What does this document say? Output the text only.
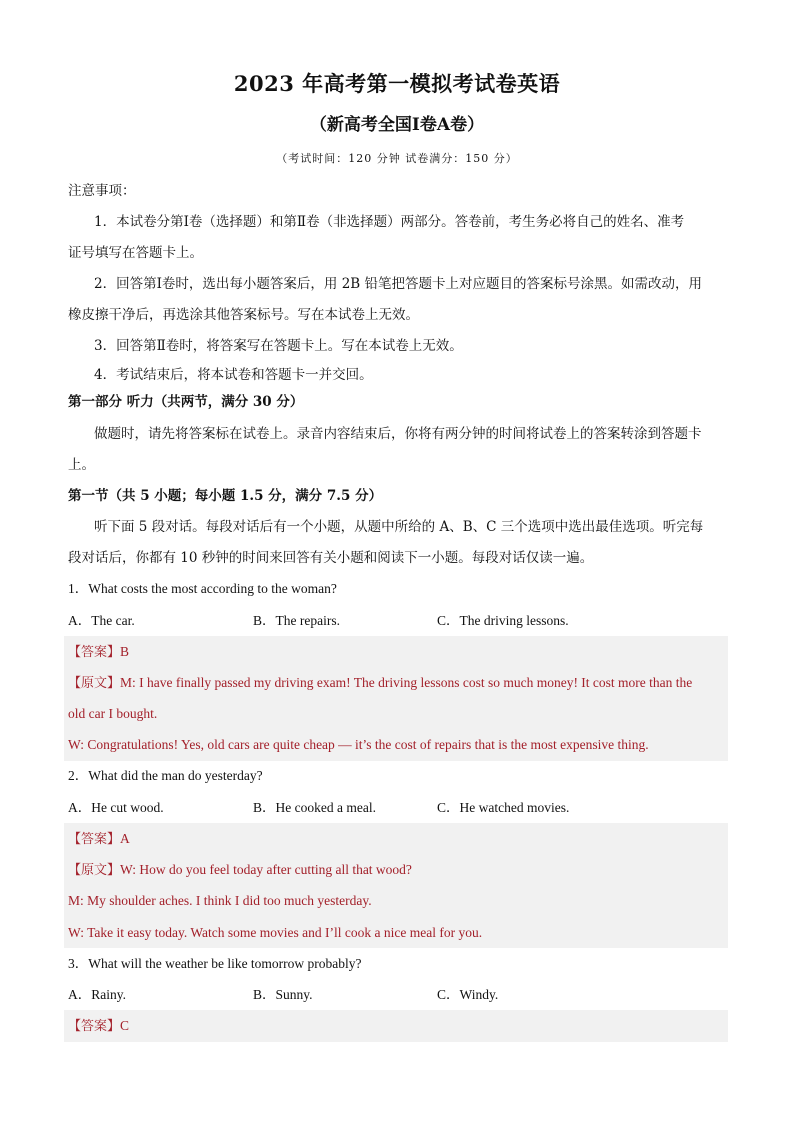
2023 年高考第一模拟考试卷英语
（新高考全国Ⅰ卷A卷）
（考试时间：120 分钟 试卷满分：150 分）
注意事项：
1．本试卷分第Ⅰ卷（选择题）和第Ⅱ卷（非选择题）两部分。答卷前，考生务必将自己的姓名、准考
证号填写在答题卡上。
2．回答第Ⅰ卷时，选出每小题答案后，用 2B 铅笔把答题卡上对应题目的答案标号涂黑。如需改动，用
橡皮擦干净后，再选涂其他答案标号。写在本试卷上无效。
3．回答第Ⅱ卷时，将答案写在答题卡上。写在本试卷上无效。
4．考试结束后，将本试卷和答题卡一并交回。
第一部分 听力（共两节，满分 30 分）
做题时，请先将答案标在试卷上。录音内容结束后，你将有两分钟的时间将试卷上的答案转涂到答题卡
上。
第一节（共 5 小题；每小题 1.5 分，满分 7.5 分）
听下面 5 段对话。每段对话后有一个小题，从题中所给的 A、B、C 三个选项中选出最佳选项。听完每
段对话后，你都有 10 秒钟的时间来回答有关小题和阅读下一小题。每段对话仅读一遍。
1．What costs the most according to the woman?
A．The car.	B．The repairs.	C．The driving lessons.
【答案】B
【原文】M: I have finally passed my driving exam! The driving lessons cost so much money! It cost more than the
old car I bought.
W: Congratulations! Yes, old cars are quite cheap — it’s the cost of repairs that is the most expensive thing.
2．What did the man do yesterday?
A．He cut wood.	B．He cooked a meal.	C．He watched movies.
【答案】A
【原文】W: How do you feel today after cutting all that wood?
M: My shoulder aches. I think I did too much yesterday.
W: Take it easy today. Watch some movies and I’ll cook a nice meal for you.
3．What will the weather be like tomorrow probably?
A．Rainy.	B．Sunny.	C．Windy.
【答案】C
